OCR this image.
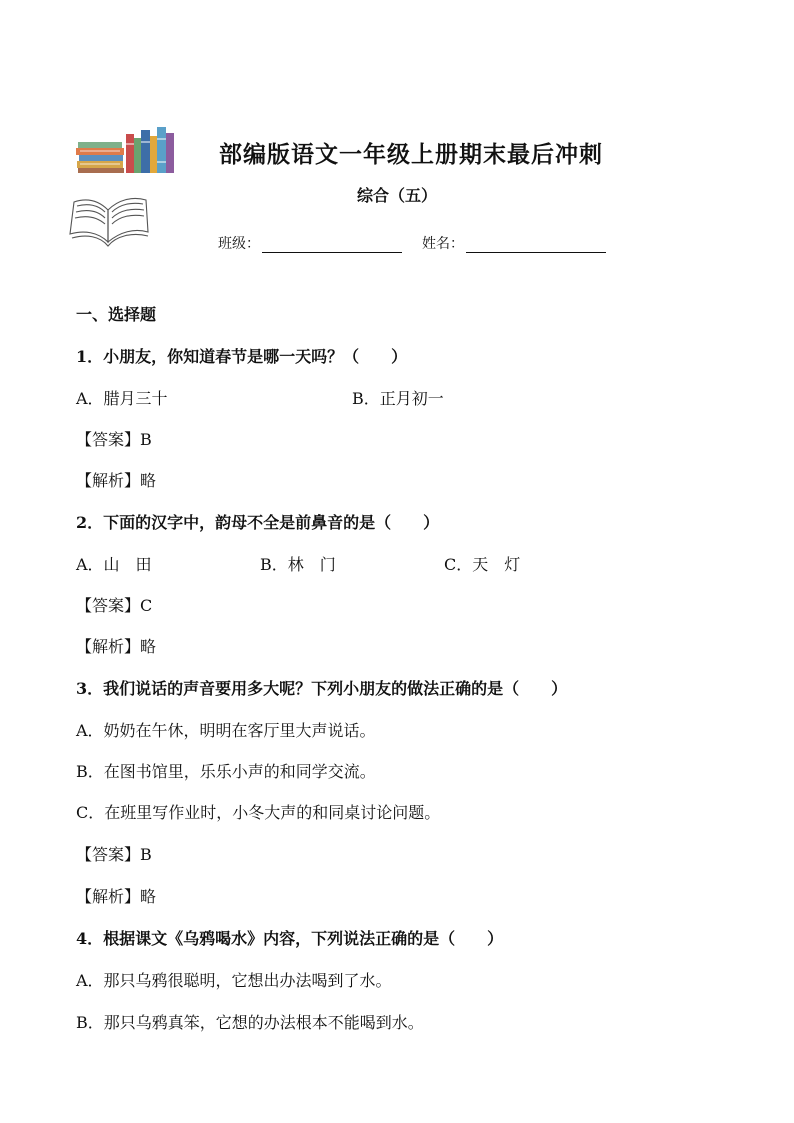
部编版语文一年级上册期末最后冲刺
综合（五）
班级：	姓名：
一、选择题
1．小朋友，你知道春节是哪一天吗？（　　）
A．腊月三十	B．正月初一
【答案】B
【解析】略
2．下面的汉字中，韵母不全是前鼻音的是（　　）
A．山　田	B．林　门	C．天　灯
【答案】C
【解析】略
3．我们说话的声音要用多大呢？下列小朋友的做法正确的是（　　）
A．奶奶在午休，明明在客厅里大声说话。
B．在图书馆里，乐乐小声的和同学交流。
C．在班里写作业时，小冬大声的和同桌讨论问题。
【答案】B
【解析】略
4．根据课文《乌鸦喝水》内容，下列说法正确的是（　　）
A．那只乌鸦很聪明，它想出办法喝到了水。
B．那只乌鸦真笨，它想的办法根本不能喝到水。
